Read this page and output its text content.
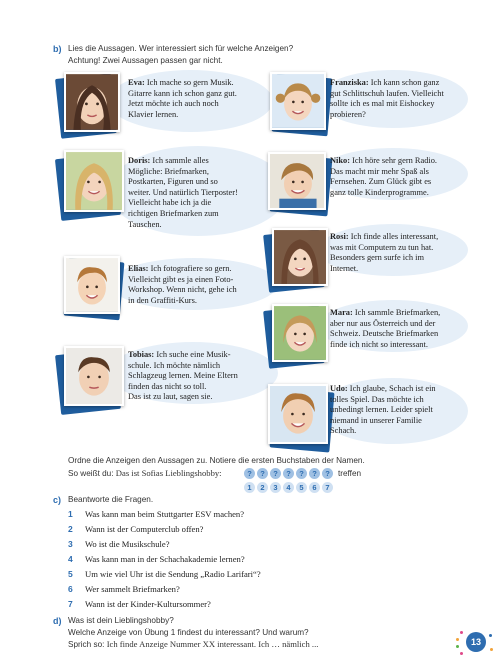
b) Lies die Aussagen. Wer interessiert sich für welche Anzeigen?
Achtung! Zwei Aussagen passen gar nicht.
Eva: Ich mache so gern Musik.
Gitarre kann ich schon ganz gut.
Jetzt möchte ich auch noch
Klavier lernen.
Franziska: Ich kann schon ganz
gut Schlittschuh laufen. Vielleicht
sollte ich es mal mit Eishockey
probieren?
Doris: Ich sammle alles
Mögliche: Briefmarken,
Postkarten, Figuren und so
weiter. Und natürlich Tierposter!
Vielleicht habe ich ja die
richtigen Briefmarken zum
Tauschen.
Niko: Ich höre sehr gern Radio.
Das macht mir mehr Spaß als
Fernsehen. Zum Glück gibt es
ganz tolle Kinderprogramme.
Rosi: Ich finde alles interessant,
was mit Computern zu tun hat.
Besonders gern surfe ich im
Internet.
Elias: Ich fotografiere so gern.
Vielleicht gibt es ja einen Foto-
Workshop. Wenn nicht, gehe ich
in den Graffiti-Kurs.
Mara: Ich sammle Briefmarken,
aber nur aus Österreich und der
Schweiz. Deutsche Briefmarken
finde ich nicht so interessant.
Tobias: Ich suche eine Musik-
schule. Ich möchte nämlich
Schlagzeug lernen. Meine Eltern
finden das nicht so toll.
Das ist zu laut, sagen sie.
Udo: Ich glaube, Schach ist ein
tolles Spiel. Das möchte ich
unbedingt lernen. Leider spielt
niemand in unserer Familie
Schach.
Ordne die Anzeigen den Aussagen zu. Notiere die ersten Buchstaben der Namen.
So weißt du: Das ist Sofias Lieblingshobby:	?	?	?	?	?	?	?	treffen
1	2	3	4	5	6	7
c) Beantworte die Fragen.
1 Was kann man beim Stuttgarter ESV machen?
2 Wann ist der Computerclub offen?
3 Wo ist die Musikschule?
4 Was kann man in der Schachakademie lernen?
5 Um wie viel Uhr ist die Sendung „Radio Larifari“?
6 Wer sammelt Briefmarken?
7 Wann ist der Kinder-Kultursommer?
d) Was ist dein Lieblingshobby?
Welche Anzeige von Übung 1 findest du interessant? Und warum?
Sprich so: Ich finde Anzeige Nummer XX interessant. Ich … nämlich ...	13
